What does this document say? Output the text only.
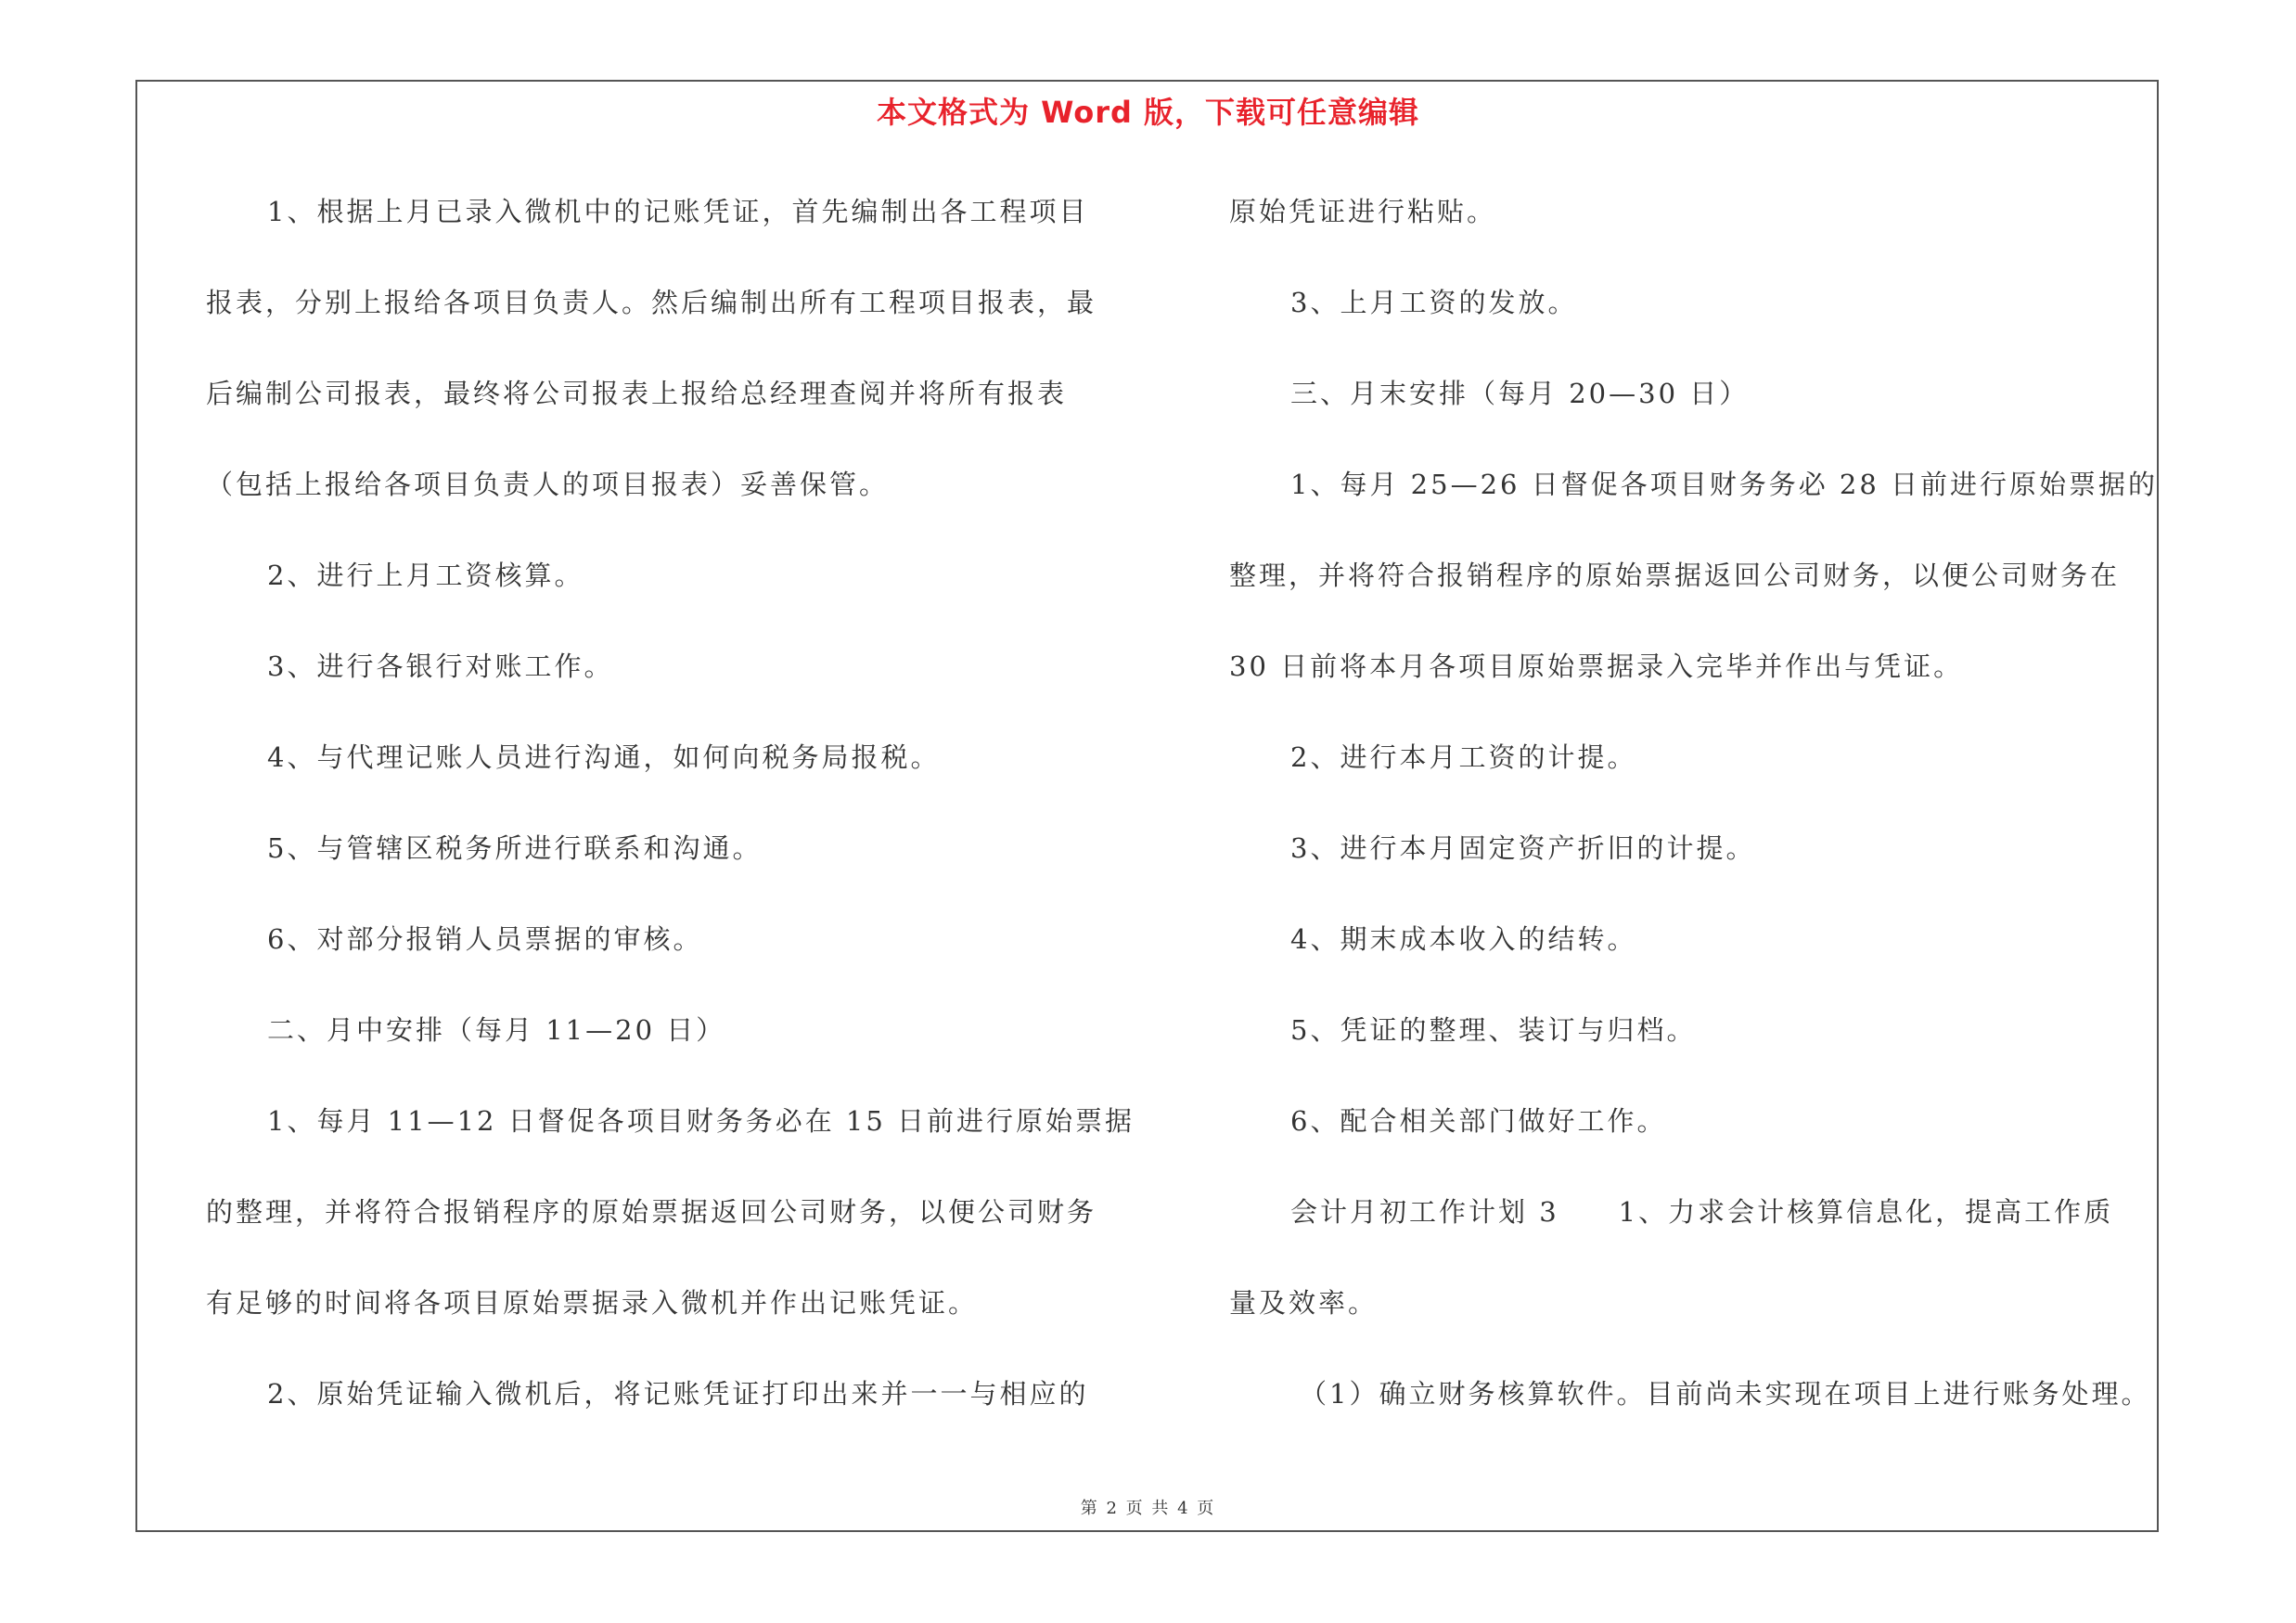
本文格式为 Word 版，下载可任意编辑
1、根据上月已录入微机中的记账凭证，首先编制出各工程项目
报表，分别上报给各项目负责人。然后编制出所有工程项目报表，最
后编制公司报表，最终将公司报表上报给总经理查阅并将所有报表
（包括上报给各项目负责人的项目报表）妥善保管。
2、进行上月工资核算。
3、进行各银行对账工作。
4、与代理记账人员进行沟通，如何向税务局报税。
5、与管辖区税务所进行联系和沟通。
6、对部分报销人员票据的审核。
二、月中安排（每月 11—20 日）
1、每月 11—12 日督促各项目财务务必在 15 日前进行原始票据
的整理，并将符合报销程序的原始票据返回公司财务，以便公司财务
有足够的时间将各项目原始票据录入微机并作出记账凭证。
2、原始凭证输入微机后，将记账凭证打印出来并一一与相应的
原始凭证进行粘贴。
3、上月工资的发放。
三、月末安排（每月 20—30 日）
1、每月 25—26 日督促各项目财务务必 28 日前进行原始票据的
整理，并将符合报销程序的原始票据返回公司财务，以便公司财务在
30 日前将本月各项目原始票据录入完毕并作出与凭证。
2、进行本月工资的计提。
3、进行本月固定资产折旧的计提。
4、期末成本收入的结转。
5、凭证的整理、装订与归档。
6、配合相关部门做好工作。
会计月初工作计划 3　　1、力求会计核算信息化，提高工作质
量及效率。
（1）确立财务核算软件。目前尚未实现在项目上进行账务处理。
第 2 页 共 4 页
